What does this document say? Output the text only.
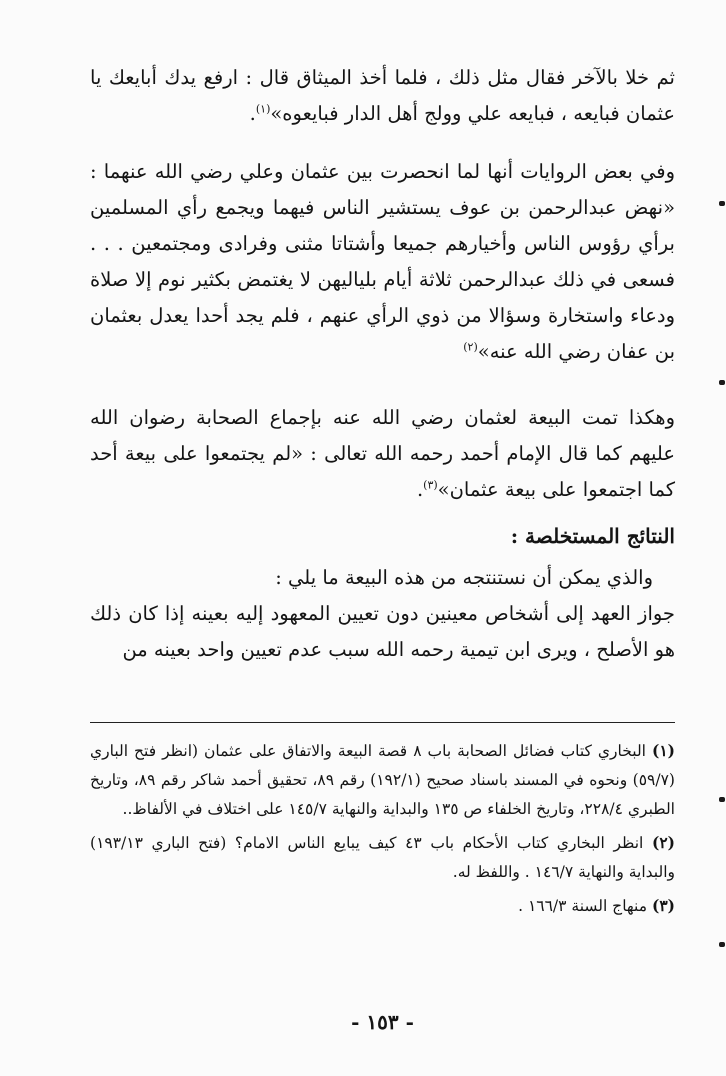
ثم خلا بالآخر فقال مثل ذلك ، فلما أخذ الميثاق قال : ارفع يدك أبايعك يا عثمان فبايعه ، فبايعه علي وولج أهل الدار فبايعوه»$^{(١)}$.

وفي بعض الروايات أنها لما انحصرت بين عثمان وعلي رضي الله عنهما : «نهض عبدالرحمن بن عوف يستشير الناس فيهما ويجمع رأي المسلمين برأي رؤوس الناس وأخيارهم جميعا وأشتاتا مثنى وفرادى ومجتمعين . . . فسعى في ذلك عبدالرحمن ثلاثة أيام بلياليهن لا يغتمض بكثير نوم إلا صلاة ودعاء واستخارة وسؤالا من ذوي الرأي عنهم ، فلم يجد أحدا يعدل بعثمان بن عفان رضي الله عنه»$^{(٢)}$

وهكذا تمت البيعة لعثمان رضي الله عنه بإجماع الصحابة رضوان الله عليهم كما قال الإمام أحمد رحمه الله تعالى : «لم يجتمعوا على بيعة أحد كما اجتمعوا على بيعة عثمان»$^{(٣)}$.

النتائج المستخلصة :

والذي يمكن أن نستنتجه من هذه البيعة ما يلي :

جواز العهد إلى أشخاص معينين دون تعيين المعهود إليه بعينه إذا كان ذلك هو الأصلح ، ويرى ابن تيمية رحمه الله سبب عدم تعيين واحد بعينه من

(١) البخاري كتاب فضائل الصحابة باب ٨ قصة البيعة والاتفاق على عثمان (انظر فتح الباري (٥٩/٧) ونحوه في المسند باسناد صحيح (١٩٢/١) رقم ٨٩، تحقيق أحمد شاكر رقم ٨٩، وتاريخ الطبري ٢٢٨/٤، وتاريخ الخلفاء ص ١٣٥ والبداية والنهاية ١٤٥/٧ على اختلاف في الألفاظ..

(٢) انظر البخاري كتاب الأحكام باب ٤٣ كيف يبايع الناس الامام؟ (فتح الباري ١٩٣/١٣) والبداية والنهاية ١٤٦/٧ . واللفظ له.

(٣) منهاج السنة ١٦٦/٣ .

- ١٥٣ -
